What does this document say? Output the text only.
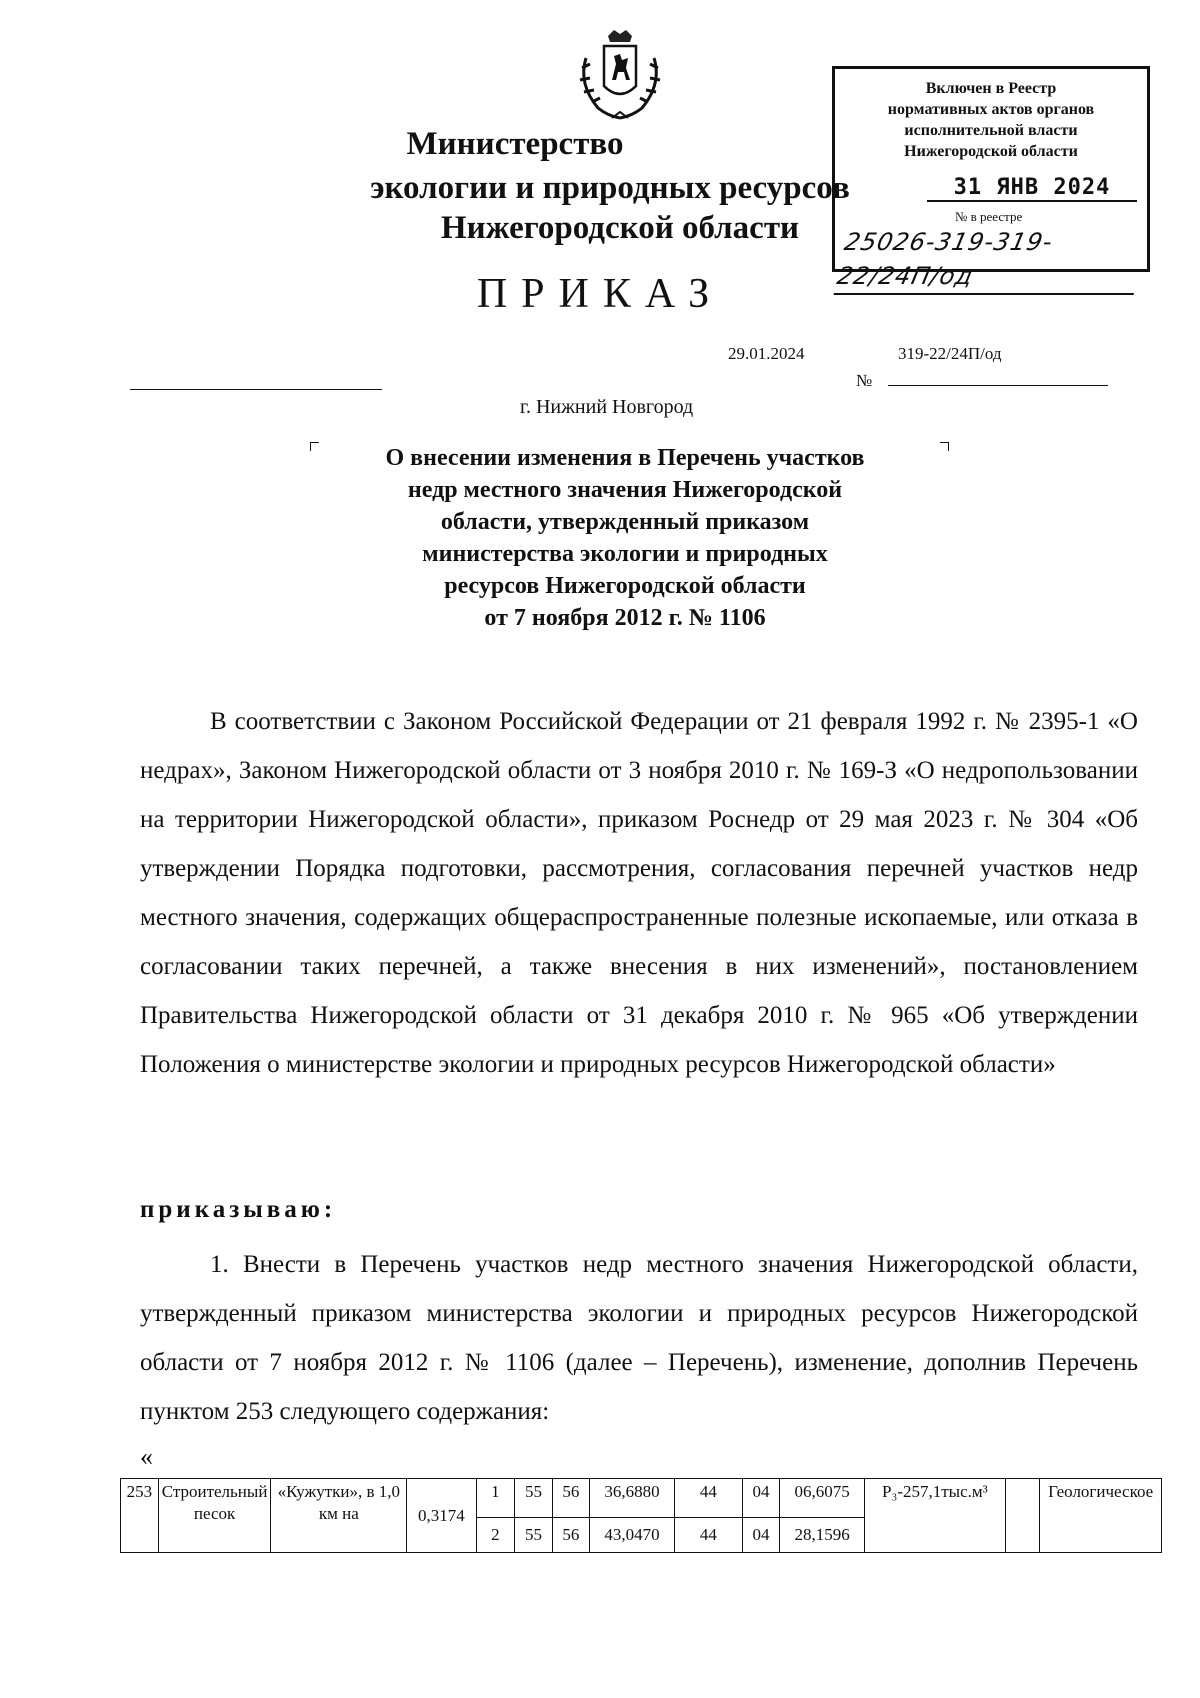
Министерство
экологии и природных ресурсов
Нижегородской области
ПРИКАЗ
Включен в Реестр
нормативных актов органов
исполнительной власти
Нижегородской области
31 ЯНВ 2024
№ в реестре
25026-319-319-22/24П/од
29.01.2024	319-22/24П/од
№
г. Нижний Новгород
О внесении изменения в Перечень участков
недр местного значения Нижегородской
области, утвержденный приказом
министерства экологии и природных
ресурсов Нижегородской области
от 7 ноября 2012 г. № 1106

В соответствии с Законом Российской Федерации от 21 февраля 1992 г. № 2395-1 «О недрах», Законом Нижегородской области от 3 ноября 2010 г. № 169-З «О недропользовании на территории Нижегородской области», приказом Роснедр от 29 мая 2023 г. № 304 «Об утверждении Порядка подготовки, рассмотрения, согласования перечней участков недр местного значения, содержащих общераспространенные полезные ископаемые, или отказа в согласовании таких перечней, а также внесения в них изменений», постановлением Правительства Нижегородской области от 31 декабря 2010 г. № 965 «Об утверждении Положения о министерстве экологии и природных ресурсов Нижегородской области»

приказываю:

1. Внести в Перечень участков недр местного значения Нижегородской области, утвержденный приказом министерства экологии и природных ресурсов Нижегородской области от 7 ноября 2012 г. № 1106 (далее – Перечень), изменение, дополнив Перечень пунктом 253 следующего содержания:

«
253	Строительный песок	«Кужутки», в 1,0 км на	0,3174	1	55	56	36,6880	44	04	06,6075	P₃-257,1тыс.м³		Геологическое
				2	55	56	43,0470	44	04	28,1596			
